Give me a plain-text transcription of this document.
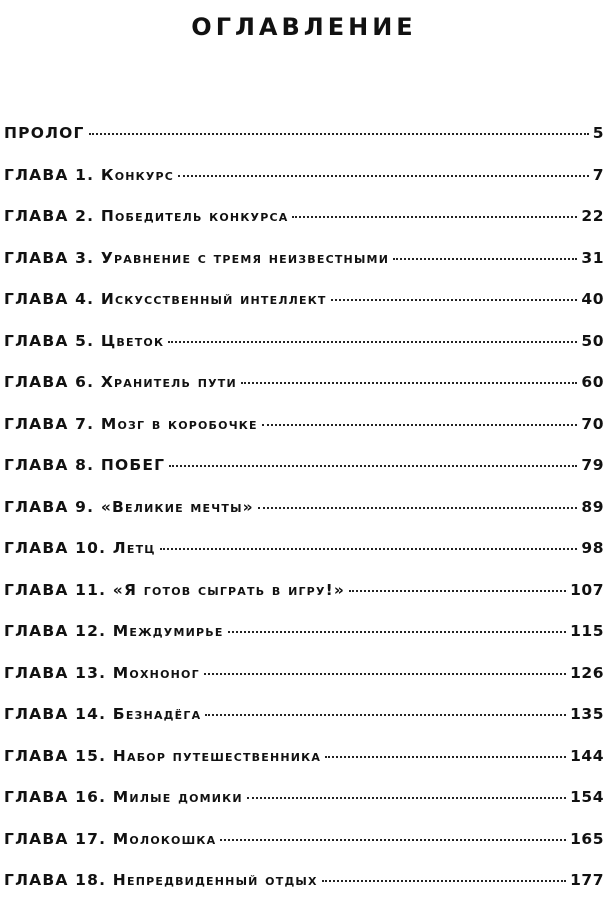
оглавление
ПРОЛОГ	5
ГЛАВА 1. Конкурс	7
ГЛАВА 2. Победитель конкурса	22
ГЛАВА 3. Уравнение с тремя неизвестными	31
ГЛАВА 4. Искусственный интеллект	40
ГЛАВА 5. Цветок	50
ГЛАВА 6. Хранитель пути	60
ГЛАВА 7. Мозг в коробочке	70
ГЛАВА 8. ПОБЕГ	79
ГЛАВА 9. «Великие мечты»	89
ГЛАВА 10. Летц	98
ГЛАВА 11. «Я готов сыграть в игру!»	107
ГЛАВА 12. Междумирье	115
ГЛАВА 13. Мохноног	126
ГЛАВА 14. Безнадёга	135
ГЛАВА 15. Набор путешественника	144
ГЛАВА 16. Милые домики	154
ГЛАВА 17. Молокошка	165
ГЛАВА 18. Непредвиденный отдых	177
